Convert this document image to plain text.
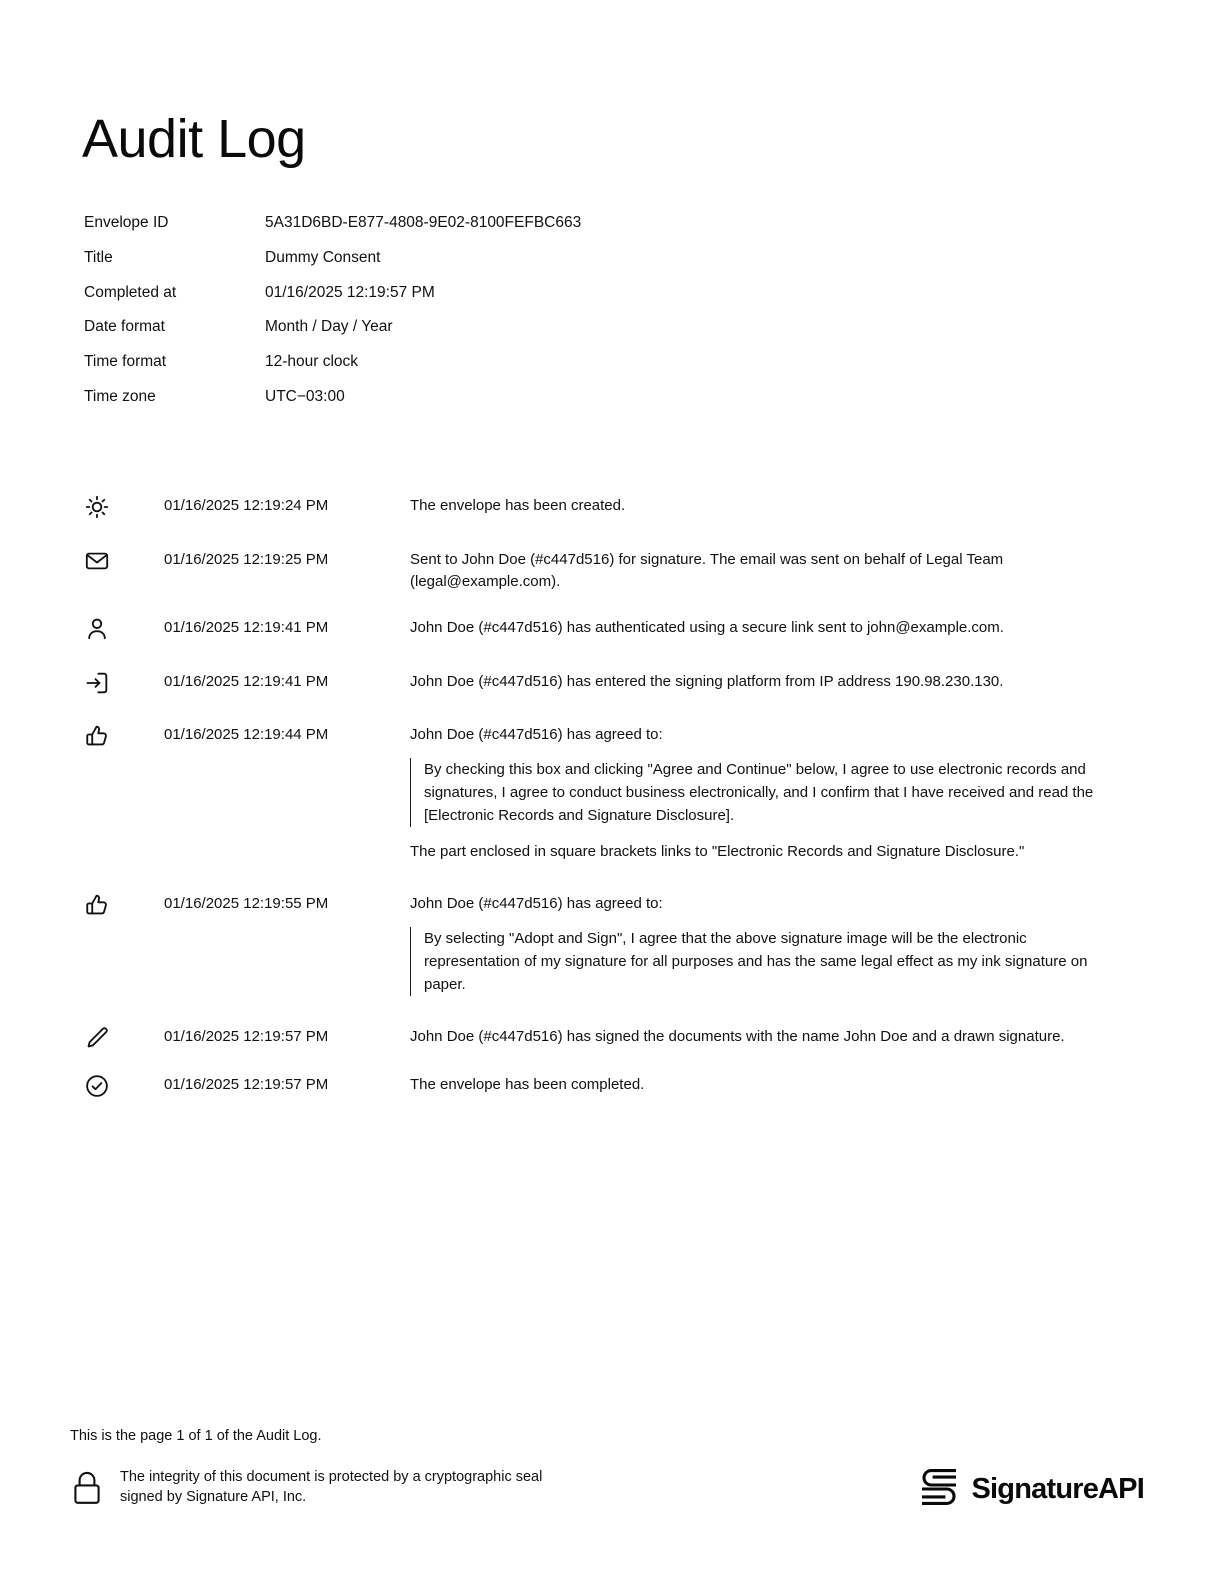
Audit Log
Envelope ID	5A31D6BD-E877-4808-9E02-8100FEFBC663
Title	Dummy Consent
Completed at	01/16/2025 12:19:57 PM
Date format	Month / Day / Year
Time format	12-hour clock
Time zone	UTC−03:00
01/16/2025 12:19:24 PM	The envelope has been created.

01/16/2025 12:19:25 PM	Sent to John Doe (#c447d516) for signature. The email was sent on behalf of Legal Team (legal@example.com).

01/16/2025 12:19:41 PM	John Doe (#c447d516) has authenticated using a secure link sent to john@example.com.

01/16/2025 12:19:41 PM	John Doe (#c447d516) has entered the signing platform from IP address 190.98.230.130.

01/16/2025 12:19:44 PM	John Doe (#c447d516) has agreed to:

By checking this box and clicking "Agree and Continue" below, I agree to use electronic records and signatures, I agree to conduct business electronically, and I confirm that I have received and read the [Electronic Records and Signature Disclosure].

The part enclosed in square brackets links to "Electronic Records and Signature Disclosure."

01/16/2025 12:19:55 PM	John Doe (#c447d516) has agreed to:

By selecting "Adopt and Sign", I agree that the above signature image will be the electronic representation of my signature for all purposes and has the same legal effect as my ink signature on paper.
01/16/2025 12:19:57 PM	John Doe (#c447d516) has signed the documents with the name John Doe and a drawn signature.

01/16/2025 12:19:57 PM	The envelope has been completed.

This is the page 1 of 1 of the Audit Log.
The integrity of this document is protected by a cryptographic seal signed by Signature API, Inc.	SignatureAPI
